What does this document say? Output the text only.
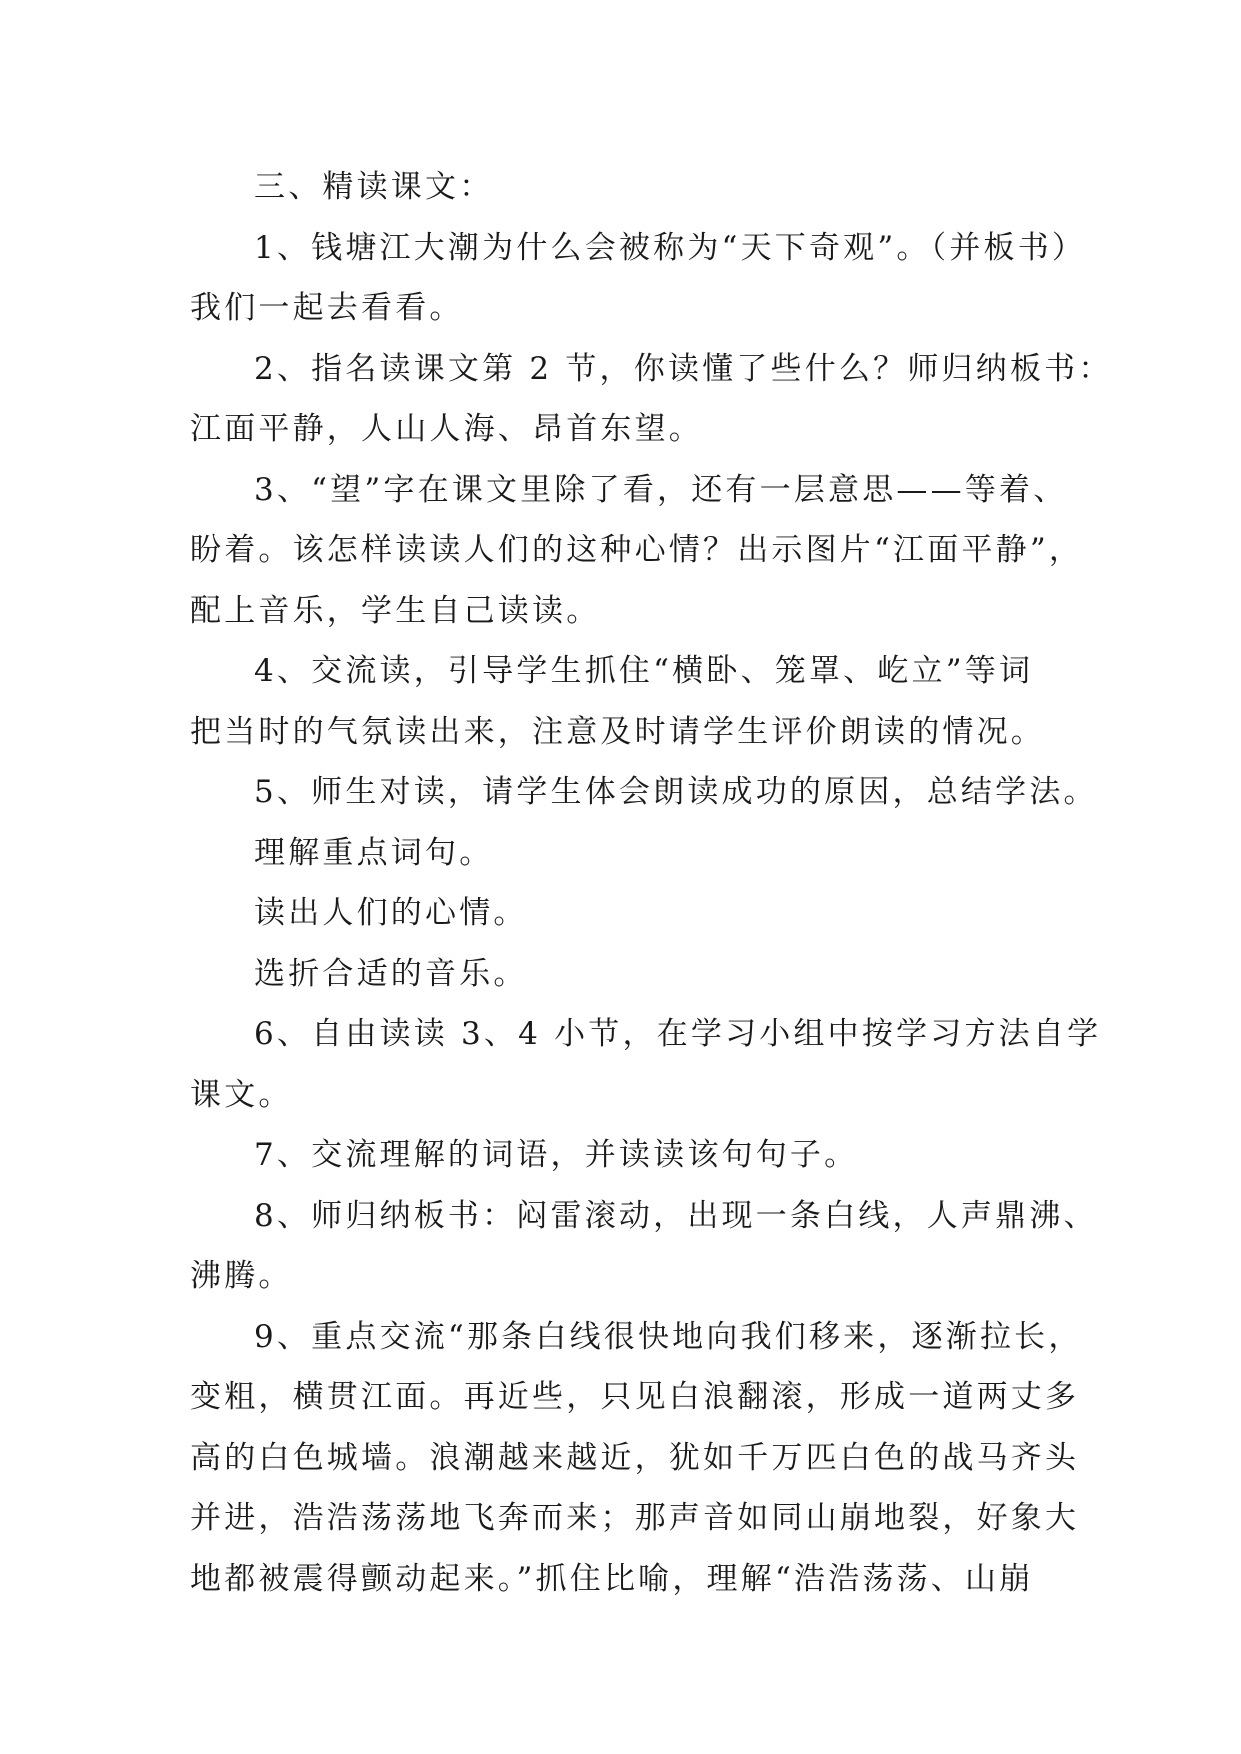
三、精读课文：
1、钱塘江大潮为什么会被称为“天下奇观”。（并板书）
我们一起去看看。
2、指名读课文第 2 节，你读懂了些什么？师归纳板书：
江面平静，人山人海、昂首东望。
3、“望”字在课文里除了看，还有一层意思——等着、
盼着。该怎样读读人们的这种心情？出示图片“江面平静”，
配上音乐，学生自己读读。
4、交流读，引导学生抓住“横卧、笼罩、屹立”等词
把当时的气氛读出来，注意及时请学生评价朗读的情况。
5、师生对读，请学生体会朗读成功的原因，总结学法。
理解重点词句。
读出人们的心情。
选折合适的音乐。
6、自由读读 3、4 小节，在学习小组中按学习方法自学
课文。
7、交流理解的词语，并读读该句句子。
8、师归纳板书：闷雷滚动，出现一条白线，人声鼎沸、
沸腾。
9、重点交流“那条白线很快地向我们移来，逐渐拉长，
变粗，横贯江面。再近些，只见白浪翻滚，形成一道两丈多
高的白色城墙。浪潮越来越近，犹如千万匹白色的战马齐头
并进，浩浩荡荡地飞奔而来；那声音如同山崩地裂，好象大
地都被震得颤动起来。”抓住比喻，理解“浩浩荡荡、山崩
